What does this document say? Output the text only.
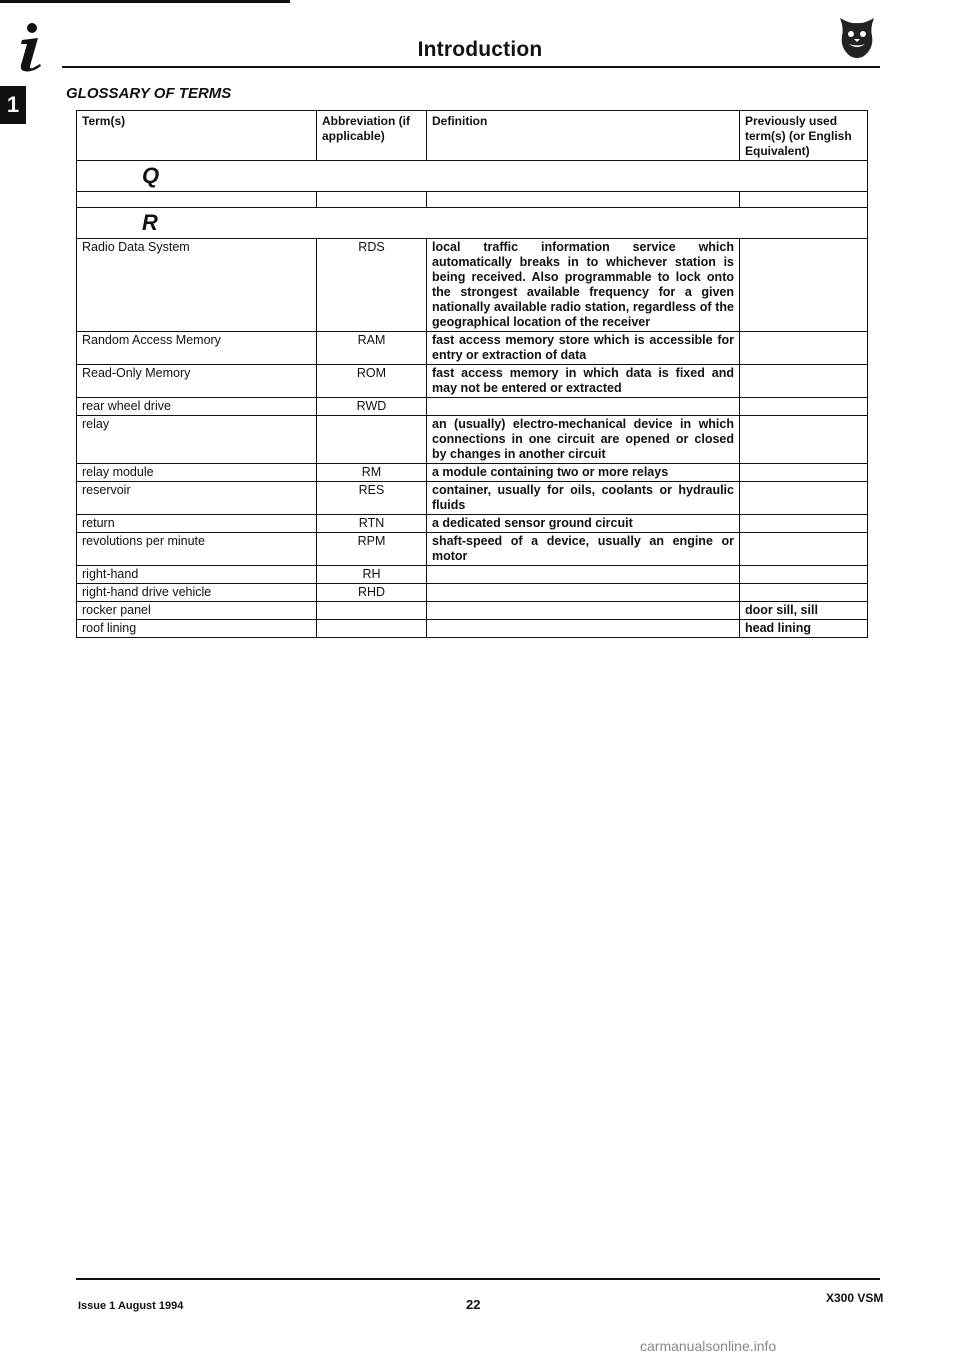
Introduction
1	GLOSSARY OF TERMS
Term(s)	Abbreviation (if applicable)	Definition	Previously used term(s) (or English Equivalent)
Q			

R			
Radio Data System	RDS	local traffic information service which automatically breaks in to whichever station is being received. Also programmable to lock onto the strongest available frequency for a given nationally available radio station, regardless of the geographical location of the receiver	
Random Access Memory	RAM	fast access memory store which is accessible for entry or extraction of data	
Read-Only Memory	ROM	fast access memory in which data is fixed and may not be entered or extracted	
rear wheel drive	RWD		
relay		an (usually) electro-mechanical device in which connections in one circuit are opened or closed by changes in another circuit	
relay module	RM	a module containing two or more relays	
reservoir	RES	container, usually for oils, coolants or hydraulic fluids	
return	RTN	a dedicated sensor ground circuit	
revolutions per minute	RPM	shaft-speed of a device, usually an engine or motor	
right-hand	RH		
right-hand drive vehicle	RHD		
rocker panel			door sill, sill
roof lining			head lining
Issue 1 August 1994	22	X300 VSM
carmanualsonline.info
